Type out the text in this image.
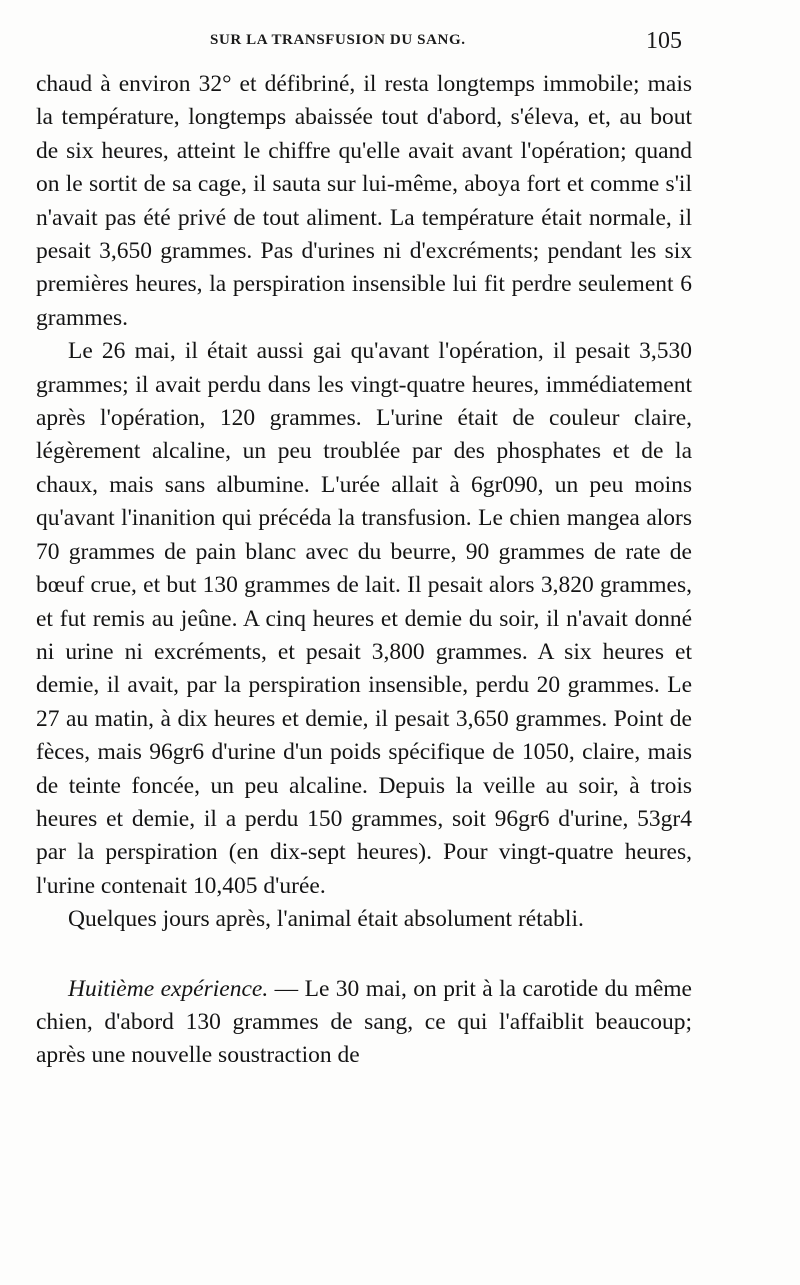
SUR LA TRANSFUSION DU SANG.	105

chaud à environ 32° et défibriné, il resta longtemps immobile; mais la température, longtemps abaissée tout d'abord, s'éleva, et, au bout de six heures, atteint le chiffre qu'elle avait avant l'opération; quand on le sortit de sa cage, il sauta sur lui-même, aboya fort et comme s'il n'avait pas été privé de tout aliment. La température était normale, il pesait 3,650 grammes. Pas d'urines ni d'excréments; pendant les six premières heures, la perspiration insensible lui fit perdre seulement 6 grammes.

Le 26 mai, il était aussi gai qu'avant l'opération, il pesait 3,530 grammes; il avait perdu dans les vingt-quatre heures, immédiatement après l'opération, 120 grammes. L'urine était de couleur claire, légèrement alcaline, un peu troublée par des phosphates et de la chaux, mais sans albumine. L'urée allait à 6gr090, un peu moins qu'avant l'inanition qui précéda la transfusion. Le chien mangea alors 70 grammes de pain blanc avec du beurre, 90 grammes de rate de bœuf crue, et but 130 grammes de lait. Il pesait alors 3,820 grammes, et fut remis au jeûne. A cinq heures et demie du soir, il n'avait donné ni urine ni excréments, et pesait 3,800 grammes. A six heures et demie, il avait, par la perspiration insensible, perdu 20 grammes. Le 27 au matin, à dix heures et demie, il pesait 3,650 grammes. Point de fèces, mais 96gr6 d'urine d'un poids spécifique de 1050, claire, mais de teinte foncée, un peu alcaline. Depuis la veille au soir, à trois heures et demie, il a perdu 150 grammes, soit 96gr6 d'urine, 53gr4 par la perspiration (en dix-sept heures). Pour vingt-quatre heures, l'urine contenait 10,405 d'urée.

Quelques jours après, l'animal était absolument rétabli.

Huitième expérience. — Le 30 mai, on prit à la carotide du même chien, d'abord 130 grammes de sang, ce qui l'affaiblit beaucoup; après une nouvelle soustraction de
